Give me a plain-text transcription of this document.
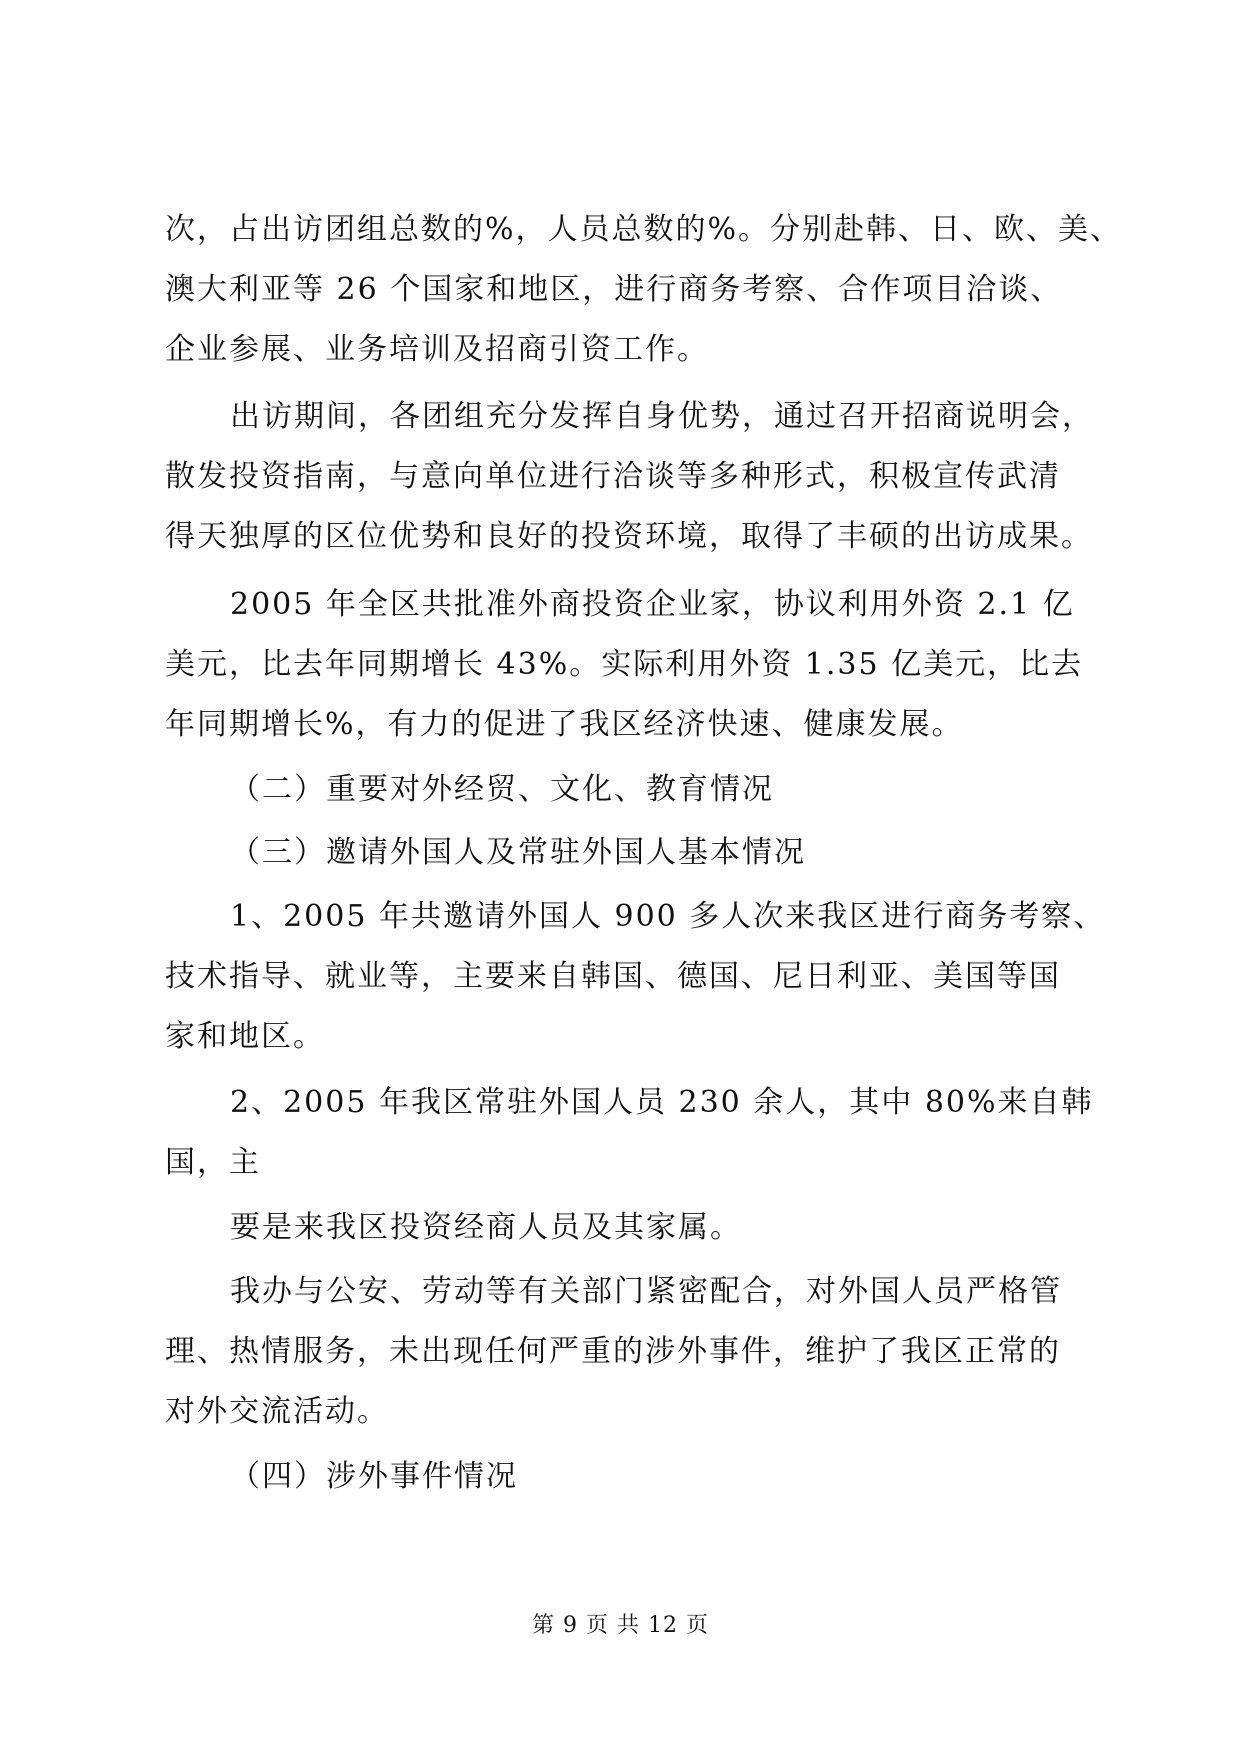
次，占出访团组总数的%，人员总数的%。分别赴韩、日、欧、美、
澳大利亚等 26 个国家和地区，进行商务考察、合作项目洽谈、
企业参展、业务培训及招商引资工作。
出访期间，各团组充分发挥自身优势，通过召开招商说明会，
散发投资指南，与意向单位进行洽谈等多种形式，积极宣传武清
得天独厚的区位优势和良好的投资环境，取得了丰硕的出访成果。
2005 年全区共批准外商投资企业家，协议利用外资 2.1 亿
美元，比去年同期增长 43%。实际利用外资 1.35 亿美元，比去
年同期增长%，有力的促进了我区经济快速、健康发展。
（二）重要对外经贸、文化、教育情况
（三）邀请外国人及常驻外国人基本情况
1、2005 年共邀请外国人 900 多人次来我区进行商务考察、
技术指导、就业等，主要来自韩国、德国、尼日利亚、美国等国
家和地区。
2、2005 年我区常驻外国人员 230 余人，其中 80%来自韩
国，主
要是来我区投资经商人员及其家属。
我办与公安、劳动等有关部门紧密配合，对外国人员严格管
理、热情服务，未出现任何严重的涉外事件，维护了我区正常的
对外交流活动。
（四）涉外事件情况
第 9 页 共 12 页
